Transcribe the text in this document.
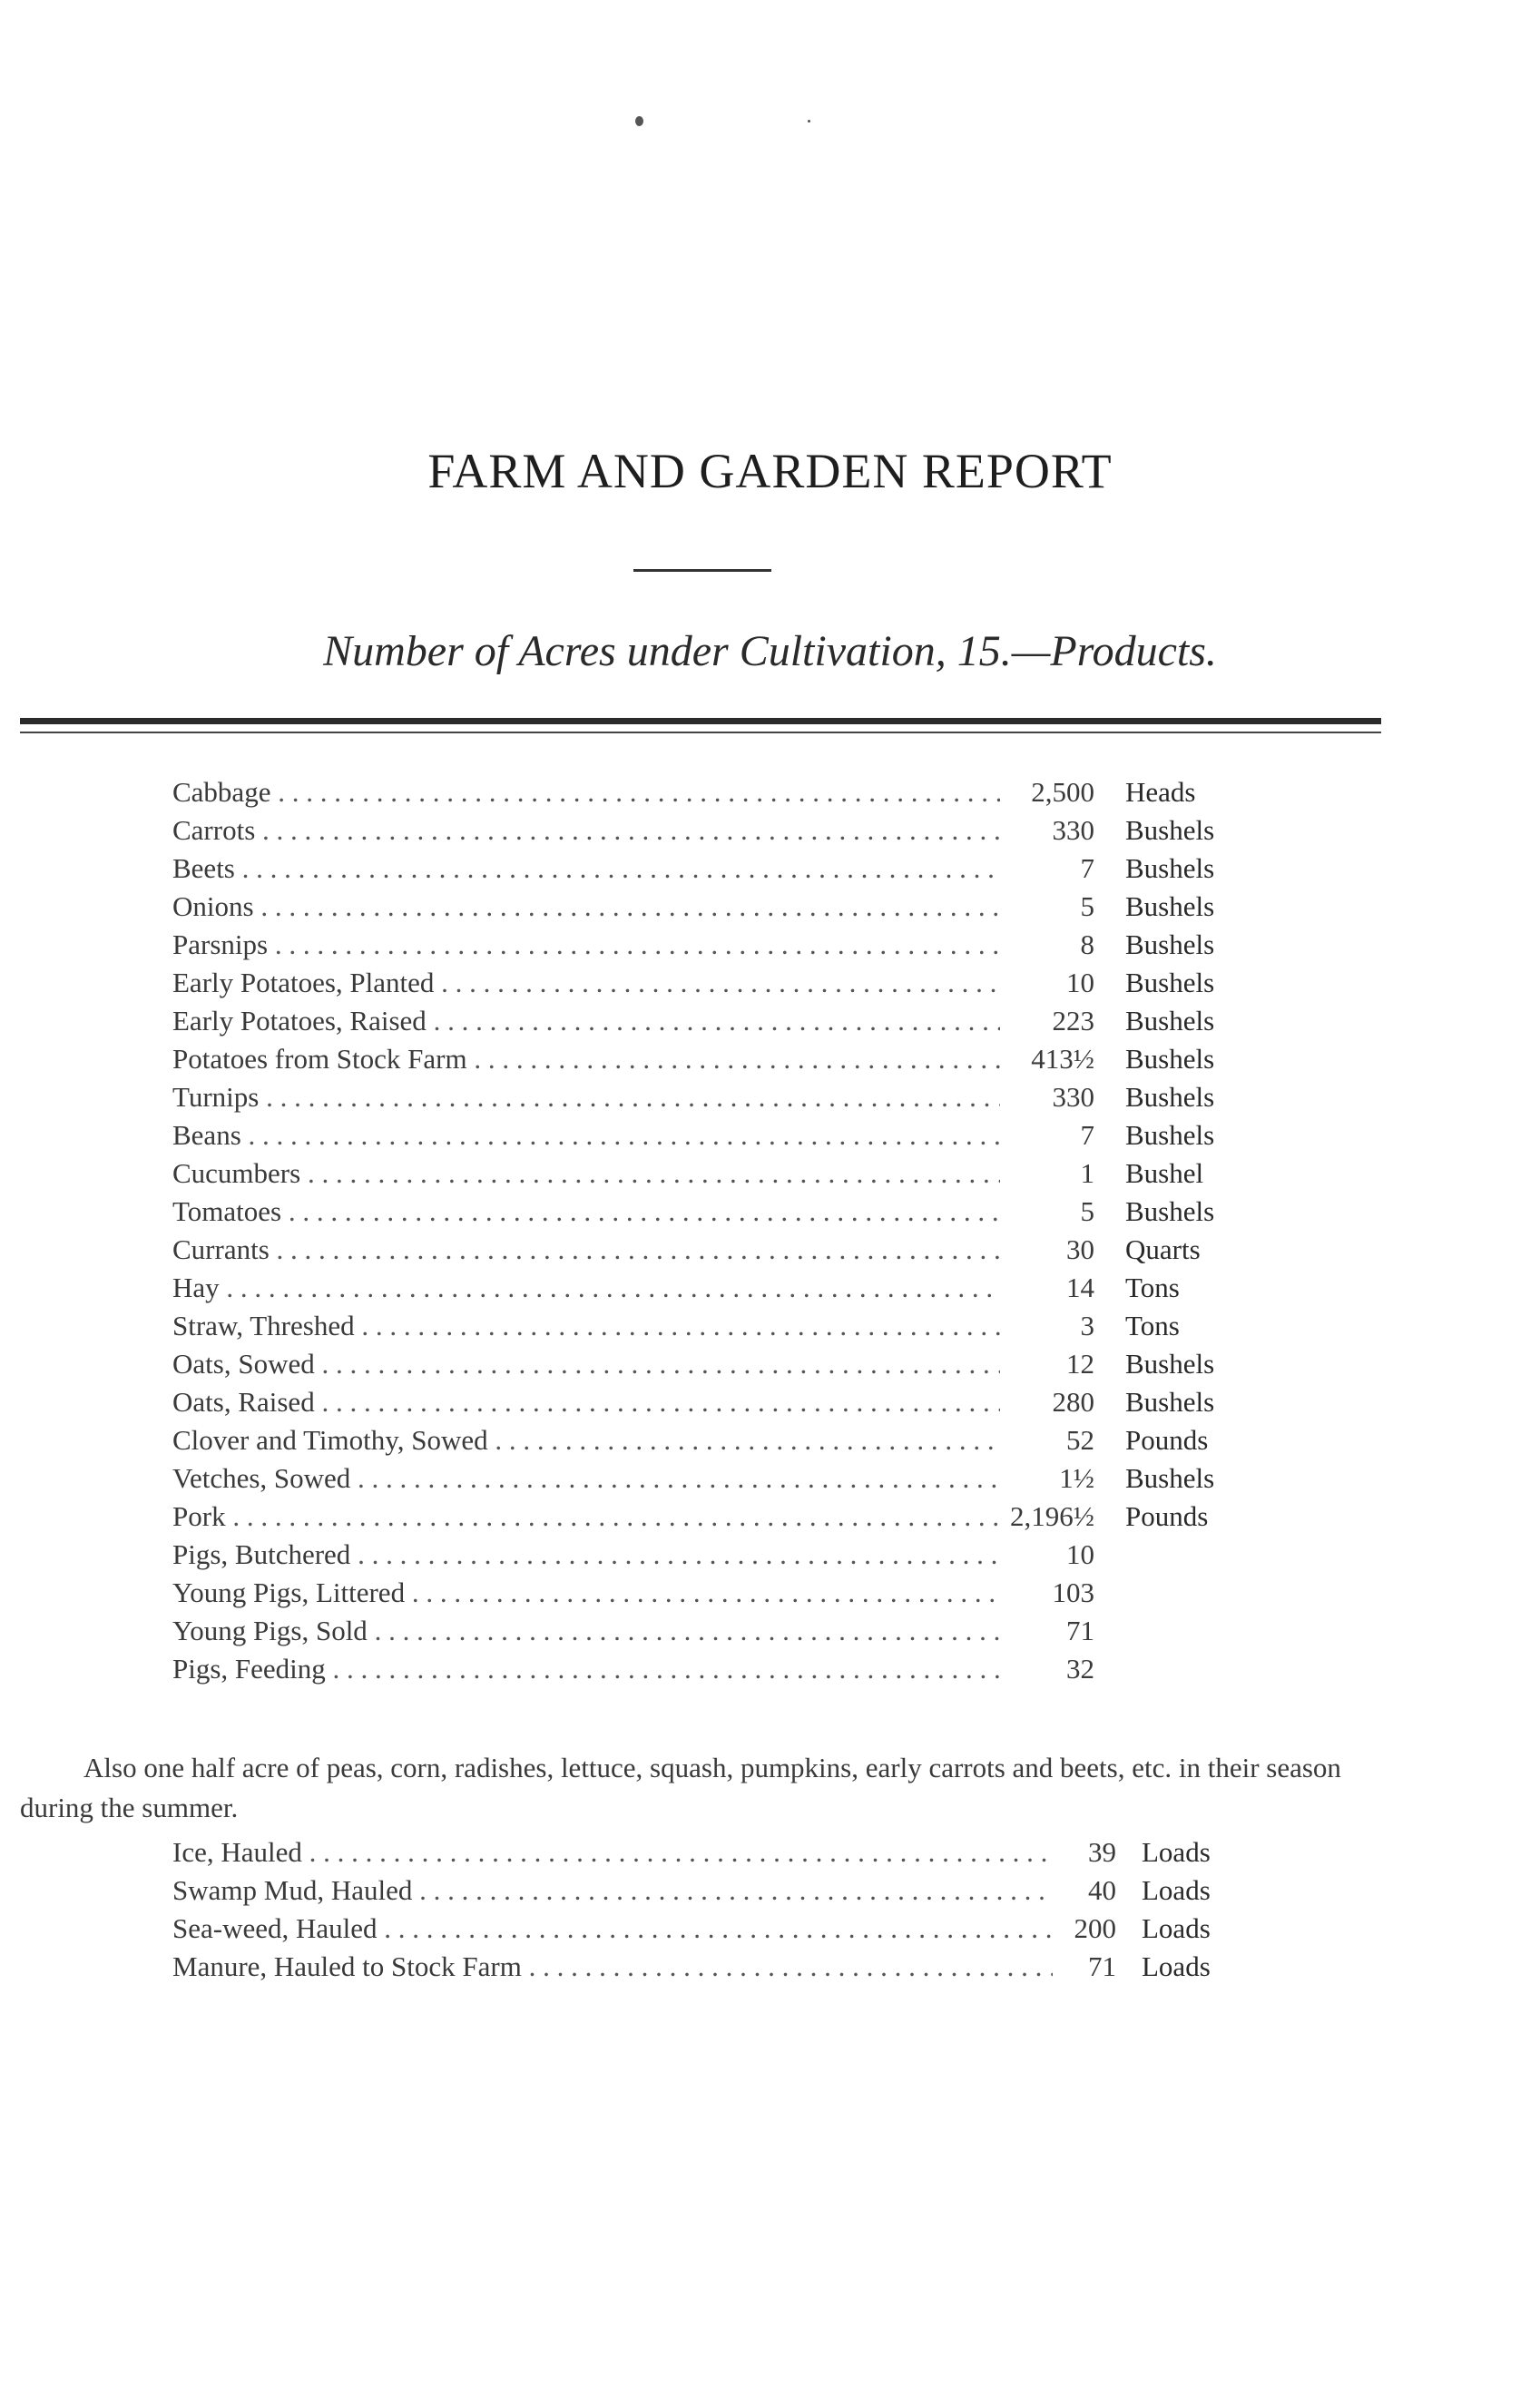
FARM AND GARDEN REPORT
Number of Acres under Cultivation, 15.—Products.
Cabbage . . .	2,500 Heads
Carrots . . .	330 Bushels
Beets . . .	7 Bushels
Onions . . .	5 Bushels
Parsnips . . .	8 Bushels
Early Potatoes, Planted . . .	10 Bushels
Early Potatoes, Raised . . .	223 Bushels
Potatoes from Stock Farm . . .	413½ Bushels
Turnips . . .	330 Bushels
Beans . . .	7 Bushels
Cucumbers . . .	1 Bushel
Tomatoes . . .	5 Bushels
Currants . . .	30 Quarts
Hay . . .	14 Tons
Straw, Threshed . . .	3 Tons
Oats, Sowed . . .	12 Bushels
Oats, Raised . . .	280 Bushels
Clover and Timothy, Sowed . . .	52 Pounds
Vetches, Sowed . . .	1½ Bushels
Pork . . .	2,196½ Pounds
Pigs, Butchered . . .	10
Young Pigs, Littered . . .	103
Young Pigs, Sold . . .	71
Pigs, Feeding . . .	32

Also one half acre of peas, corn, radishes, lettuce, squash, pumpkins, early carrots and beets, etc. in their season during the summer.

Ice, Hauled . . .	39 Loads
Swamp Mud, Hauled . . .	40 Loads
Sea-weed, Hauled . . .	200 Loads
Manure, Hauled to Stock Farm . . .	71 Loads
